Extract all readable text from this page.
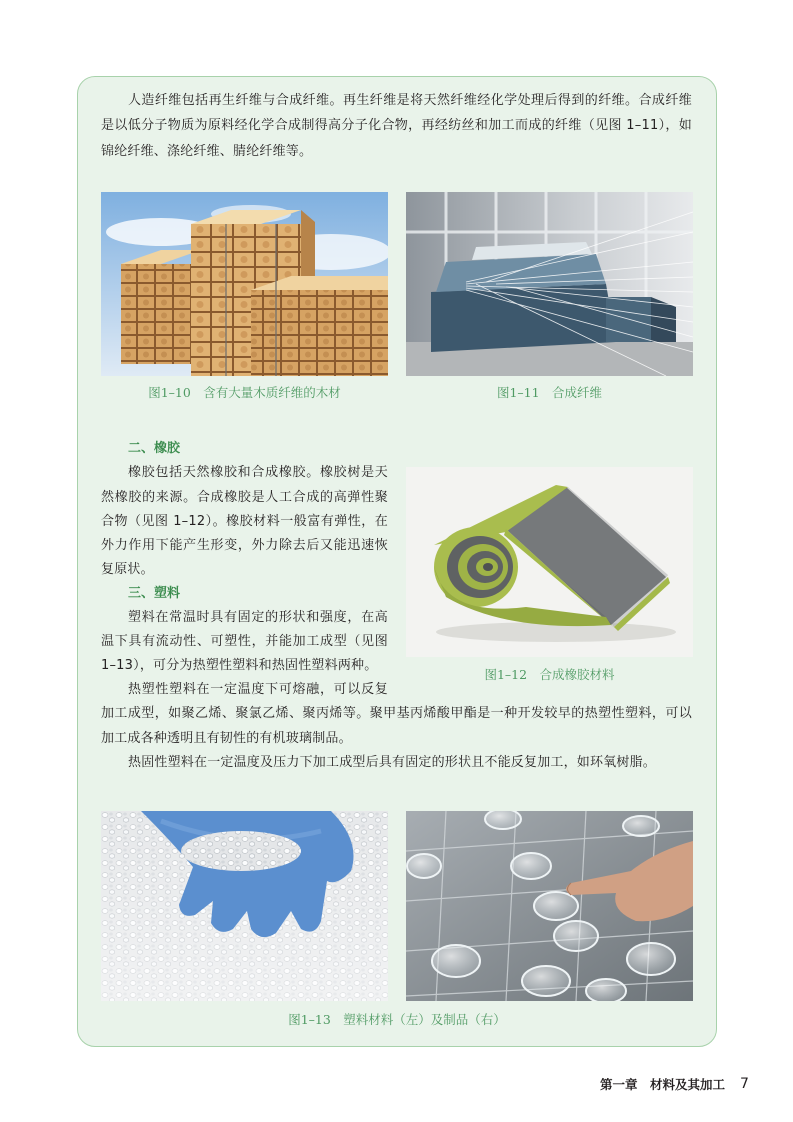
人造纤维包括再生纤维与合成纤维。再生纤维是将天然纤维经化学处理后得到的纤维。合成纤维
是以低分子物质为原料经化学合成制得高分子化合物，再经纺丝和加工而成的纤维（见图 1–11），如
锦纶纤维、涤纶纤维、腈纶纤维等。
图1–10　含有大量木质纤维的木材	图1–11　合成纤维
二、橡胶
橡胶包括天然橡胶和合成橡胶。橡胶树是天
然橡胶的来源。合成橡胶是人工合成的高弹性聚
合物（见图 1–12）。橡胶材料一般富有弹性，在
外力作用下能产生形变，外力除去后又能迅速恢
复原状。
图1–12　合成橡胶材料
三、塑料
塑料在常温时具有固定的形状和强度，在高
温下具有流动性、可塑性，并能加工成型（见图
1–13），可分为热塑性塑料和热固性塑料两种。
热塑性塑料在一定温度下可熔融，可以反复
加工成型，如聚乙烯、聚氯乙烯、聚丙烯等。聚甲基丙烯酸甲酯是一种开发较早的热塑性塑料，可以
加工成各种透明且有韧性的有机玻璃制品。
热固性塑料在一定温度及压力下加工成型后具有固定的形状且不能反复加工，如环氧树脂。
图1–13　塑料材料（左）及制品（右）
第一章　材料及其加工 7
